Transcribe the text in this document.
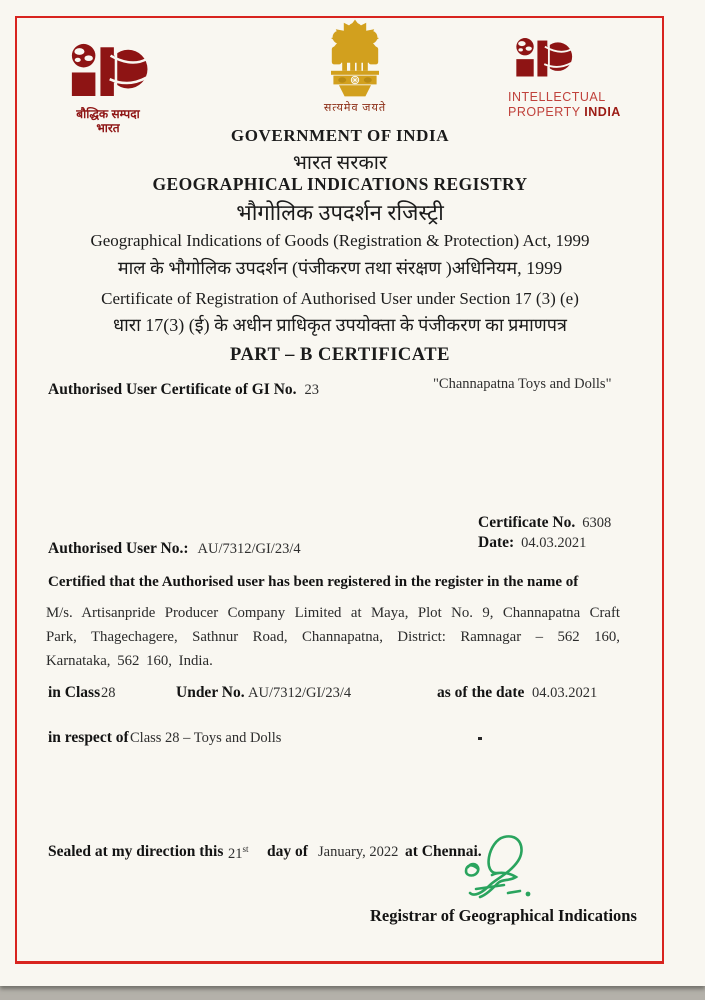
बौद्धिक सम्पदा
भारत
सत्यमेव जयते
INTELLECTUAL
PROPERTY INDIA
GOVERNMENT OF INDIA
भारत सरकार
GEOGRAPHICAL INDICATIONS REGISTRY
भौगोलिक उपदर्शन रजिस्ट्री
Geographical Indications of Goods (Registration & Protection) Act, 1999
माल के भौगोलिक उपदर्शन (पंजीकरण तथा संरक्षण )अधिनियम, 1999
Certificate of Registration of Authorised User under Section 17 (3) (e)
धारा 17(3) (ई) के अधीन प्राधिकृत उपयोक्ता के पंजीकरण का प्रमाणपत्र
PART – B CERTIFICATE
Authorised User Certificate of GI No. 23	"Channapatna Toys and Dolls"
Certificate No. 6308
Date: 04.03.2021
Authorised User No.: AU/7312/GI/23/4
Certified that the Authorised user has been registered in the register in the name of
M/s. Artisanpride Producer Company Limited at Maya, Plot No. 9, Channapatna Craft Park, Thagechagere, Sathnur Road, Channapatna, District: Ramnagar – 562 160, Karnataka, 562 160, India.
in Class 28	Under No. AU/7312/GI/23/4	as of the date 04.03.2021
in respect of Class 28 – Toys and Dolls
Sealed at my direction this 21st day of January, 2022 at Chennai.
Registrar of Geographical Indications
